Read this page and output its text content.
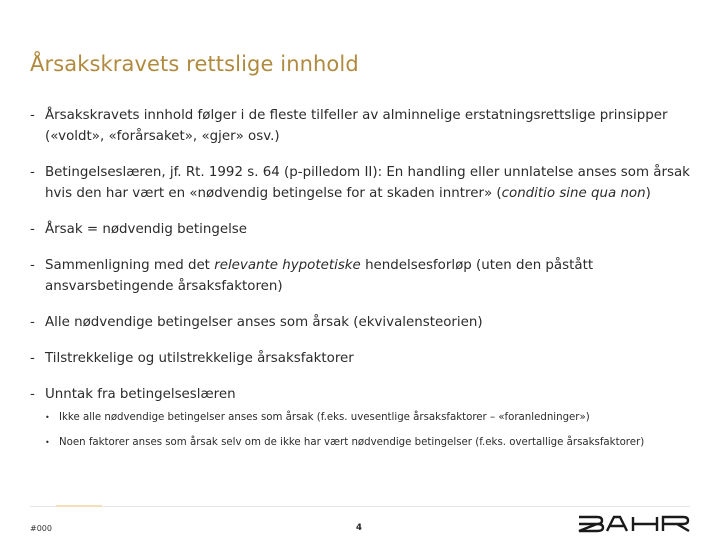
Årsakskravets rettslige innhold
- Årsakskravets innhold følger i de fleste tilfeller av alminnelige erstatningsrettslige prinsipper («voldt», «forårsaket», «gjer» osv.)
- Betingelseslæren, jf. Rt. 1992 s. 64 (p-pilledom II): En handling eller unnlatelse anses som årsak hvis den har vært en «nødvendig betingelse for at skaden inntrer» (conditio sine qua non)
- Årsak = nødvendig betingelse
- Sammenligning med det relevante hypotetiske hendelsesforløp (uten den påstått ansvarsbetingende årsaksfaktoren)
- Alle nødvendige betingelser anses som årsak (ekvivalensteorien)
- Tilstrekkelige og utilstrekkelige årsaksfaktorer
- Unntak fra betingelseslæren
• Ikke alle nødvendige betingelser anses som årsak (f.eks. uvesentlige årsaksfaktorer – «foranledninger»)
• Noen faktorer anses som årsak selv om de ikke har vært nødvendige betingelser (f.eks. overtallige årsaksfaktorer)
#000	4
